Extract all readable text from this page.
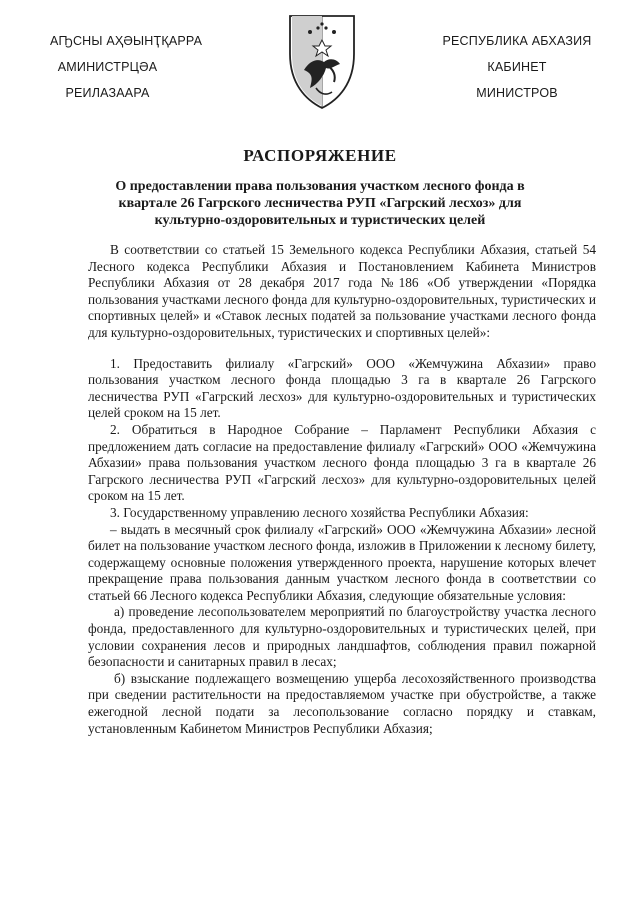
АҦСНЫ АҲӘЫНҬҚАРРА
АМИНИСТРЦӘА
РЕИЛАЗААРА
РЕСПУБЛИКА АБХАЗИЯ
КАБИНЕТ
МИНИСТРОВ
РАСПОРЯЖЕНИЕ
О предоставлении права пользования участком лесного фонда в квартале 26 Гагрского лесничества РУП «Гагрский лесхоз» для культурно-оздоровительных и туристических целей

В соответствии со статьей 15 Земельного кодекса Республики Абхазия, статьей 54 Лесного кодекса Республики Абхазия и Постановлением Кабинета Министров Республики Абхазия от 28 декабря 2017 года №186 «Об утверждении «Порядка пользования участками лесного фонда для культурно-оздоровительных, туристических и спортивных целей» и «Ставок лесных податей за пользование участками лесного фонда для культурно-оздоровительных, туристических и спортивных целей»:

1. Предоставить филиалу «Гагрский» ООО «Жемчужина Абхазии» право пользования участком лесного фонда площадью 3 га в квартале 26 Гагрского лесничества РУП «Гагрский лесхоз» для культурно-оздоровительных и туристических целей сроком на 15 лет.

2. Обратиться в Народное Собрание – Парламент Республики Абхазия с предложением дать согласие на предоставление филиалу «Гагрский» ООО «Жемчужина Абхазии» права пользования участком лесного фонда площадью 3 га в квартале 26 Гагрского лесничества РУП «Гагрский лесхоз» для культурно-оздоровительных целей сроком на 15 лет.

3. Государственному управлению лесного хозяйства Республики Абхазия:

– выдать в месячный срок филиалу «Гагрский» ООО «Жемчужина Абхазии» лесной билет на пользование участком лесного фонда, изложив в Приложении к лесному билету, содержащему основные положения утвержденного проекта, нарушение которых влечет прекращение права пользования данным участком лесного фонда в соответствии со статьей 66 Лесного кодекса Республики Абхазия, следующие обязательные условия:

а) проведение лесопользователем мероприятий по благоустройству участка лесного фонда, предоставленного для культурно-оздоровительных и туристических целей, при условии сохранения лесов и природных ландшафтов, соблюдения правил пожарной безопасности и санитарных правил в лесах;

б) взыскание подлежащего возмещению ущерба лесохозяйственного производства при сведении растительности на предоставляемом участке при обустройстве, а также ежегодной лесной подати за лесопользование согласно порядку и ставкам, установленным Кабинетом Министров Республики Абхазия;
